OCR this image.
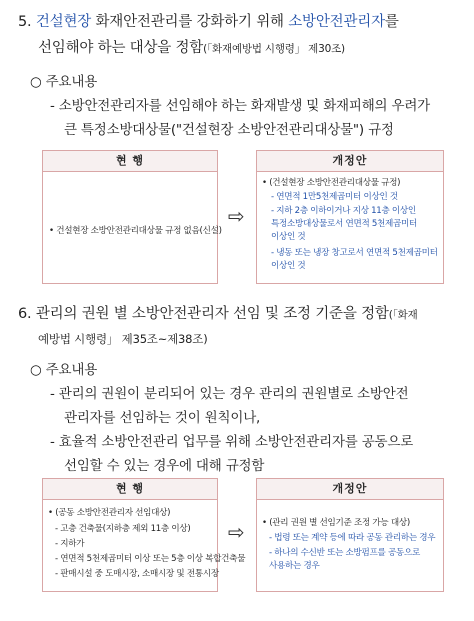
5. 건설현장 화재안전관리를 강화하기 위해 소방안전관리자를
선임해야 하는 대상을 정함(「화재예방법 시행령」 제30조)
○ 주요내용
- 소방안전관리자를 선임해야 하는 화재발생 및 화재피해의 우려가
큰 특정소방대상물("건설현장 소방안전관리대상물") 규정
현 행
• 건설현장 소방안전관리대상물 규정 없음(신설)
⇨
개정안
• (건설현장 소방안전관리대상물 규정)
- 연면적 1만5천제곱미터 이상인 것
- 지하 2층 이하이거나 지상 11층 이상인
특정소방대상물로서 연면적 5천제곱미터
이상인 것
- 냉동 또는 냉장 창고로서 연면적 5천제곱미터
이상인 것
6. 관리의 권원 별 소방안전관리자 선임 및 조정 기준을 정함(「화재
예방법 시행령」 제35조~제38조)
○ 주요내용
- 관리의 권원이 분리되어 있는 경우 관리의 권원별로 소방안전
관리자를 선임하는 것이 원칙이나,
- 효율적 소방안전관리 업무를 위해 소방안전관리자를 공동으로
선임할 수 있는 경우에 대해 규정함
현 행
• (공동 소방안전관리자 선임대상)
- 고층 건축물(지하층 제외 11층 이상)
- 지하가
- 연면적 5천제곱미터 이상 또는 5층 이상 복합건축물
- 판매시설 중 도매시장, 소매시장 및 전통시장
⇨
개정안
• (관리 권원 별 선임기준 조정 가능 대상)
- 법령 또는 계약 등에 따라 공동 관리하는 경우
- 하나의 수신반 또는 소방펌프를 공동으로
사용하는 경우
